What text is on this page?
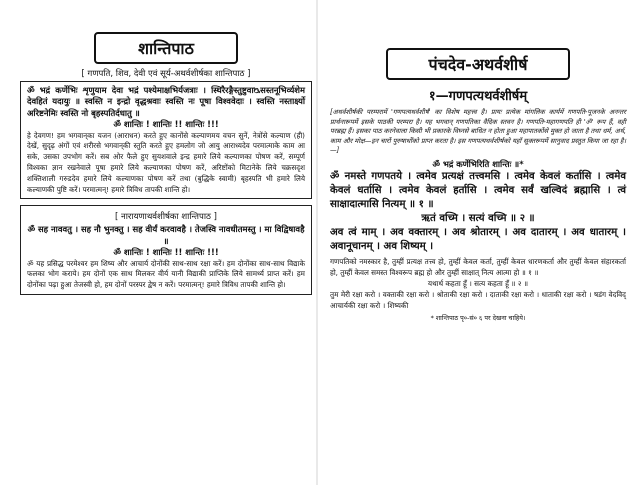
शान्तिपाठ
[ गणपति, शिव, देवी एवं सूर्य-अथर्वशीर्षका शान्तिपाठ ]

ॐ भद्रं कर्णेभिः शृणुयाम देवा भद्रं पश्येमाक्षभिर्यजत्राः । स्थिरैरङ्गैस्तुष्टुवाᳬसस्तनूभिर्व्यशेम देवहितं यदायुः ॥ स्वस्ति न इन्द्रो वृद्धश्रवाः स्वस्ति नः पूषा विश्ववेदाः । स्वस्ति नस्तार्क्ष्यो अरिष्टनेमिः स्वस्ति नो बृहस्पतिर्दधातु ॥

ॐ शान्तिः ! शान्तिः !! शान्तिः !!!

हे देवगण! हम भगवान्‌का यजन (आराधन) करते हुए कानोंसे कल्याणमय वचन सुनें, नेत्रोंसे कल्याण (ही) देखें, सुदृढ़ अंगों एवं शरीरसे भगवान्‌की स्तुति करते हुए हमलोग जो आयु आराध्यदेव परमात्माके काम आ सके, उसका उपभोग करें। सब ओर फैले हुए सुयशवाले इन्द्र हमारे लिये कल्याणका पोषण करें, सम्पूर्ण विश्वका ज्ञान रखनेवाले पूषा हमारे लिये कल्याणका पोषण करें, अरिष्टोंको मिटानेके लिये चक्रसदृश शक्तिशाली गरुडदेव हमारे लिये कल्याणका पोषण करें तथा (बुद्धिके स्वामी) बृहस्पति भी हमारे लिये कल्याणकी पुष्टि करें। परमात्मन्! हमारे त्रिविध तापकी शान्ति हो।

[ नारायणाथर्वशीर्षका शान्तिपाठ ]

ॐ सह नाववतु । सह नौ भुनक्तु । सह वीर्यं करवावहै । तेजस्वि नावधीतमस्तु । मा विद्विषावहै ॥

ॐ शान्तिः ! शान्तिः !! शान्तिः !!!

ॐ यह प्रसिद्ध परमेश्वर हम शिष्य और आचार्य दोनोंकी साथ-साथ रक्षा करें। हम दोनोंका साथ-साथ विद्याके फलका भोग कराये। हम दोनों एक साथ मिलकर वीर्य यानी विद्याकी प्राप्तिके लिये सामर्थ्य प्राप्त करें। हम दोनोंका पढ़ा हुआ तेजस्वी हो, हम दोनों परस्पर द्वेष न करें। परमात्मन्! हमारे त्रिविध तापकी शान्ति हो।

पंचदेव-अथर्वशीर्ष
१—गणपत्यथर्वशीर्षम्

[अथर्वशीर्षकी परम्परामें 'गणपत्यथर्वशीर्ष' का विशेष महत्त्व है। प्रायः प्रत्येक मांगलिक कार्यमें गणपति-पूजनके अनन्तर प्रार्थनारूपमें इसके पाठकी परम्परा है। यह भगवान् गणपतिका वैदिक स्तवन है। गणपति-महागणपति ही 'ॐ' रूप हैं, वही परब्रह्म हैं। इसका पाठ करनेवाला किसी भी प्रकारके विघ्नसे बाधित न होता हुआ महापातकोंसे मुक्त हो जाता है तथा धर्म, अर्थ, काम और मोक्ष—इन चारों पुरुषार्थोंको प्राप्त करता है। इस गणपत्यथर्वशीर्षको यहाँ सूक्तरूपमें सानुवाद प्रस्तुत किया जा रहा है।—]

ॐ भद्रं कर्णेभिरिति शान्तिः ॥*

ॐ नमस्ते गणपतये । त्वमेव प्रत्यक्षं तत्त्वमसि । त्वमेव केवलं कर्तासि । त्वमेव केवलं धर्तासि । त्वमेव केवलं हर्तासि । त्वमेव सर्वं खल्विदं ब्रह्मासि । त्वं साक्षादात्मासि नित्यम् ॥ १ ॥

ऋतं वच्मि । सत्यं वच्मि ॥ २ ॥

अव त्वं माम् । अव वक्तारम् । अव श्रोतारम् । अव दातारम् । अव धातारम् । अवानूचानम् । अव शिष्यम् ।

गणपतिको नमस्कार है, तुम्हीं प्रत्यक्ष तत्त्व हो, तुम्हीं केवल कर्ता, तुम्हीं केवल धारणकर्ता और तुम्हीं केवल संहारकर्ता हो, तुम्हीं केवल समस्त विश्वरूप ब्रह्म हो और तुम्हीं साक्षात् नित्य आत्मा हो ॥ १ ॥

यथार्थ कहता हूँ । सत्य कहता हूँ ॥ २ ॥

तुम मेरी रक्षा करो । वक्ताकी रक्षा करो । श्रोताकी रक्षा करो । दाताकी रक्षा करो । धाताकी रक्षा करो । षडंग वेदविद् आचार्यकी रक्षा करो । शिष्यकी

* शान्तिपाठ पृ०-सं० ६ पर देखना चाहिये।
